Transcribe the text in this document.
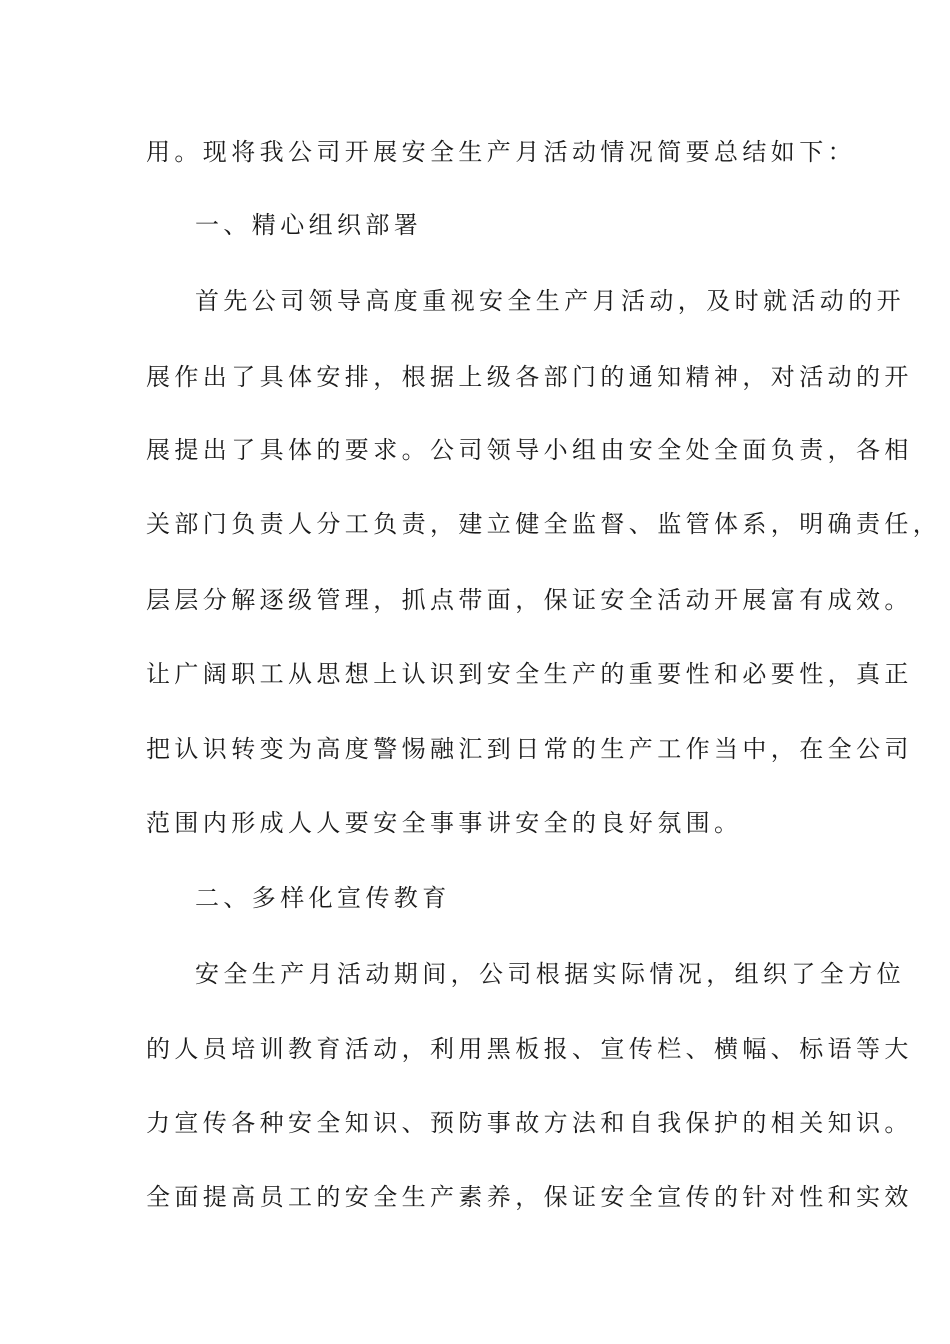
用。现将我公司开展安全生产月活动情况简要总结如下：
一、精心组织部署
首先公司领导高度重视安全生产月活动，及时就活动的开
展作出了具体安排，根据上级各部门的通知精神，对活动的开
展提出了具体的要求。公司领导小组由安全处全面负责，各相
关部门负责人分工负责，建立健全监督、监管体系，明确责任，
层层分解逐级管理，抓点带面，保证安全活动开展富有成效。
让广阔职工从思想上认识到安全生产的重要性和必要性，真正
把认识转变为高度警惕融汇到日常的生产工作当中，在全公司
范围内形成人人要安全事事讲安全的良好氛围。
二、多样化宣传教育
安全生产月活动期间，公司根据实际情况，组织了全方位
的人员培训教育活动，利用黑板报、宣传栏、横幅、标语等大
力宣传各种安全知识、预防事故方法和自我保护的相关知识。
全面提高员工的安全生产素养，保证安全宣传的针对性和实效
